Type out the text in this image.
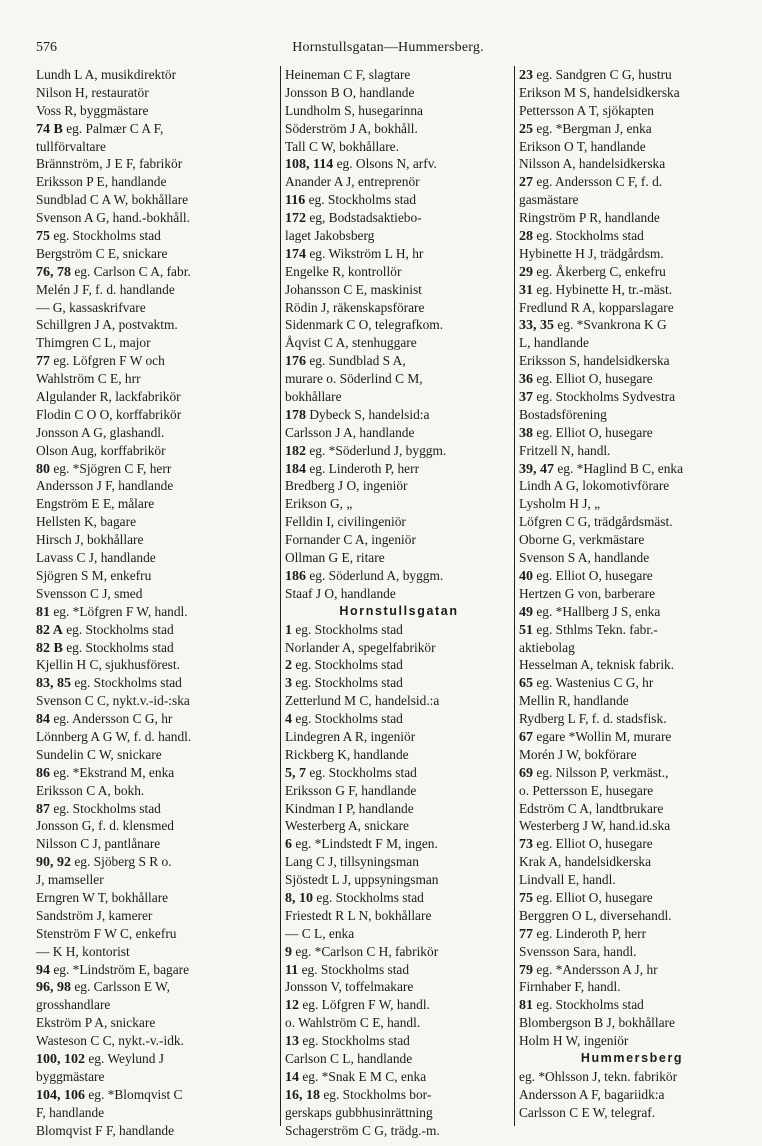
576	Hornstullsgatan—Hummersberg.
Lundh L A, musikdirektör
Nilson H, restauratör
Voss R, byggmästare
74 B eg. Palmær C A F,
tullförvaltare
Brännström, J E F, fabrikör
Eriksson P E, handlande
Sundblad C A W, bokhållare
Svenson A G, hand.-bokhåll.
75 eg. Stockholms stad
Bergström C E, snickare
76, 78 eg. Carlson C A, fabr.
Melén J F, f. d. handlande
— G, kassaskrifvare
Schillgren J A, postvaktm.
Thimgren C L, major
77 eg. Löfgren F W och
Wahlström C E, hrr
Algulander R, lackfabrikör
Flodin C O O, korffabrikör
Jonsson A G, glashandl.
Olson Aug, korffabrikör
80 eg. *Sjögren C F, herr
Andersson J F, handlande
Engström E E, målare
Hellsten K, bagare
Hirsch J, bokhållare
Lavass C J, handlande
Sjögren S M, enkefru
Svensson C J, smed
81 eg. *Löfgren F W, handl.
82 A eg. Stockholms stad
82 B eg. Stockholms stad
Kjellin H C, sjukhusförest.
83, 85 eg. Stockholms stad
Svenson C C, nykt.v.-id-:ska
84 eg. Andersson C G, hr
Lönnberg A G W, f. d. handl.
Sundelin C W, snickare
86 eg. *Ekstrand M, enka
Eriksson C A, bokh.
87 eg. Stockholms stad
Jonsson G, f. d. klensmed
Nilsson C J, pantlånare
90, 92 eg. Sjöberg S R o.
J, mamseller
Erngren W T, bokhållare
Sandström J, kamerer
Stenström F W C, enkefru
— K H, kontorist
94 eg. *Lindström E, bagare
96, 98 eg. Carlsson E W,
grosshandlare
Ekström P A, snickare
Wasteson C C, nykt.-v.-idk.
100, 102 eg. Weylund J
byggmästare
104, 106 eg. *Blomqvist C
F, handlande
Blomqvist F F, handlande
Heineman C F, slagtare
Jonsson B O, handlande
Lundholm S, husegarinna
Söderström J A, bokhåll.
Tall C W, bokhållare.
108, 114 eg. Olsons N, arfv.
Anander A J, entreprenör
116 eg. Stockholms stad
172 eg, Bodstadsaktiebo-
laget Jakobsberg
174 eg. Wikström L H, hr
Engelke R, kontrollör
Johansson C E, maskinist
Rödin J, räkenskapsförare
Sidenmark C O, telegrafkom.
Åqvist C A, stenhuggare
176 eg. Sundblad S A,
murare o. Söderlind C M,
bokhållare
178 Dybeck S, handelsid:a
Carlsson J A, handlande
182 eg. *Söderlund J, byggm.
184 eg. Linderoth P, herr
Bredberg J O, ingeniör
Erikson G, „
Felldin I, civilingeniör
Fornander C A, ingeniör
Ollman G E, ritare
186 eg. Söderlund A, byggm.
Staaf J O, handlande
Hornstullsgatan
1 eg. Stockholms stad
Norlander A, spegelfabrikör
2 eg. Stockholms stad
3 eg. Stockholms stad
Zetterlund M C, handelsid.:a
4 eg. Stockholms stad
Lindegren A R, ingeniör
Rickberg K, handlande
5, 7 eg. Stockholms stad
Eriksson G F, handlande
Kindman I P, handlande
Westerberg A, snickare
6 eg. *Lindstedt F M, ingen.
Lang C J, tillsyningsman
Sjöstedt L J, uppsyningsman
8, 10 eg. Stockholms stad
Friestedt R L N, bokhållare
— C L, enka
9 eg. *Carlson C H, fabrikör
11 eg. Stockholms stad
Jonsson V, toffelmakare
12 eg. Löfgren F W, handl.
o. Wahlström C E, handl.
13 eg. Stockholms stad
Carlson C L, handlande
14 eg. *Snak E M C, enka
16, 18 eg. Stockholms bor-
gerskaps gubbhusinrättning
Schagerström C G, trädg.-m.
23 eg. Sandgren C G, hustru
Erikson M S, handelsidkerska
Pettersson A T, sjökapten
25 eg. *Bergman J, enka
Erikson O T, handlande
Nilsson A, handelsidkerska
27 eg. Andersson C F, f. d.
gasmästare
Ringström P R, handlande
28 eg. Stockholms stad
Hybinette H J, trädgårdsm.
29 eg. Åkerberg C, enkefru
31 eg. Hybinette H, tr.-mäst.
Fredlund R A, kopparslagare
33, 35 eg. *Svankrona K G
L, handlande
Eriksson S, handelsidkerska
36 eg. Elliot O, husegare
37 eg. Stockholms Sydvestra
Bostadsförening
38 eg. Elliot O, husegare
Fritzell N, handl.
39, 47 eg. *Haglind B C, enka
Lindh A G, lokomotivförare
Lysholm H J, „
Löfgren C G, trädgårdsmäst.
Oborne G, verkmästare
Svenson S A, handlande
40 eg. Elliot O, husegare
Hertzen G von, barberare
49 eg. *Hallberg J S, enka
51 eg. Sthlms Tekn. fabr.-
aktiebolag
Hesselman A, teknisk fabrik.
65 eg. Wastenius C G, hr
Mellin R, handlande
Rydberg L F, f. d. stadsfisk.
67 egare *Wollin M, murare
Morén J W, bokförare
69 eg. Nilsson P, verkmäst.,
o. Pettersson E, husegare
Edström C A, landtbrukare
Westerberg J W, hand.id.ska
73 eg. Elliot O, husegare
Krak A, handelsidkerska
Lindvall E, handl.
75 eg. Elliot O, husegare
Berggren O L, diversehandl.
77 eg. Linderoth P, herr
Svensson Sara, handl.
79 eg. *Andersson A J, hr
Firnhaber F, handl.
81 eg. Stockholms stad
Blombergson B J, bokhållare
Holm H W, ingeniör
Hummersberg
eg. *Ohlsson J, tekn. fabrikör
Andersson A F, bagariidk:a
Carlsson C E W, telegraf.
